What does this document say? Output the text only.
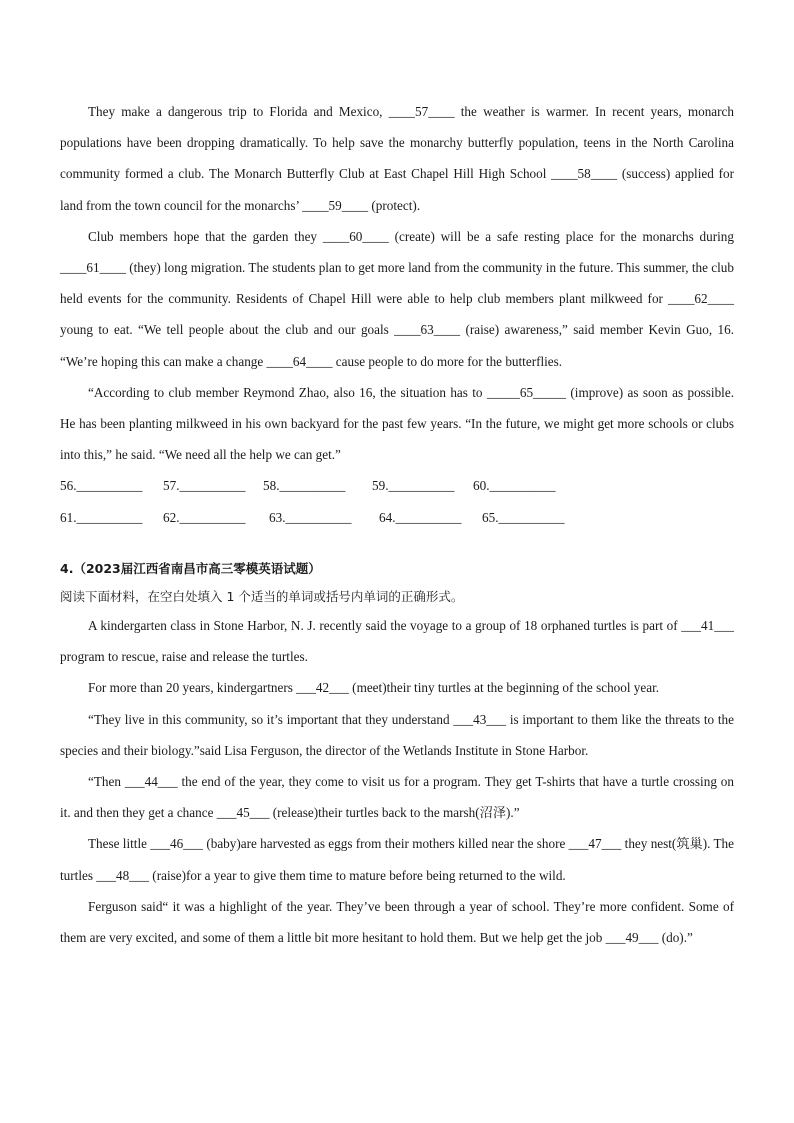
They make a dangerous trip to Florida and Mexico, ____57____ the weather is warmer. In recent years, monarch populations have been dropping dramatically. To help save the monarchy butterfly population, teens in the North Carolina community formed a club. The Monarch Butterfly Club at East Chapel Hill High School ____58____ (success) applied for land from the town council for the monarchs’ ____59____ (protect).

Club members hope that the garden they ____60____ (create) will be a safe resting place for the monarchs during ____61____ (they) long migration. The students plan to get more land from the community in the future. This summer, the club held events for the community. Residents of Chapel Hill were able to help club members plant milkweed for ____62____ young to eat. “We tell people about the club and our goals ____63____ (raise) awareness,” said member Kevin Guo, 16. “We’re hoping this can make a change ____64____ cause people to do more for the butterflies.

“According to club member Reymond Zhao, also 16, the situation has to _____65_____ (improve) as soon as possible. He has been planting milkweed in his own backyard for the past few years. “In the future, we might get more schools or clubs into this,” he said. “We need all the help we can get.”

56.__________ 57.__________ 58.__________ 59.__________ 60.__________
61.__________ 62.__________ 63.__________ 64.__________ 65.__________
4.（2023届江西省南昌市高三零模英语试题）

阅读下面材料，在空白处填入 1 个适当的单词或括号内单词的正确形式。

A kindergarten class in Stone Harbor, N. J. recently said the voyage to a group of 18 orphaned turtles is part of ___41___ program to rescue, raise and release the turtles.

For more than 20 years, kindergartners ___42___ (meet)their tiny turtles at the beginning of the school year.

“They live in this community, so it’s important that they understand ___43___ is important to them like the threats to the species and their biology.”said Lisa Ferguson, the director of the Wetlands Institute in Stone Harbor.

“Then ___44___ the end of the year, they come to visit us for a program. They get T-shirts that have a turtle crossing on it. and then they get a chance ___45___ (release)their turtles back to the marsh(沼泽).”

These little ___46___ (baby)are harvested as eggs from their mothers killed near the shore ___47___ they nest(筑巢). The turtles ___48___ (raise)for a year to give them time to mature before being returned to the wild.

Ferguson said“ it was a highlight of the year. They’ve been through a year of school. They’re more confident. Some of them are very excited, and some of them a little bit more hesitant to hold them. But we help get the job ___49___ (do).”
